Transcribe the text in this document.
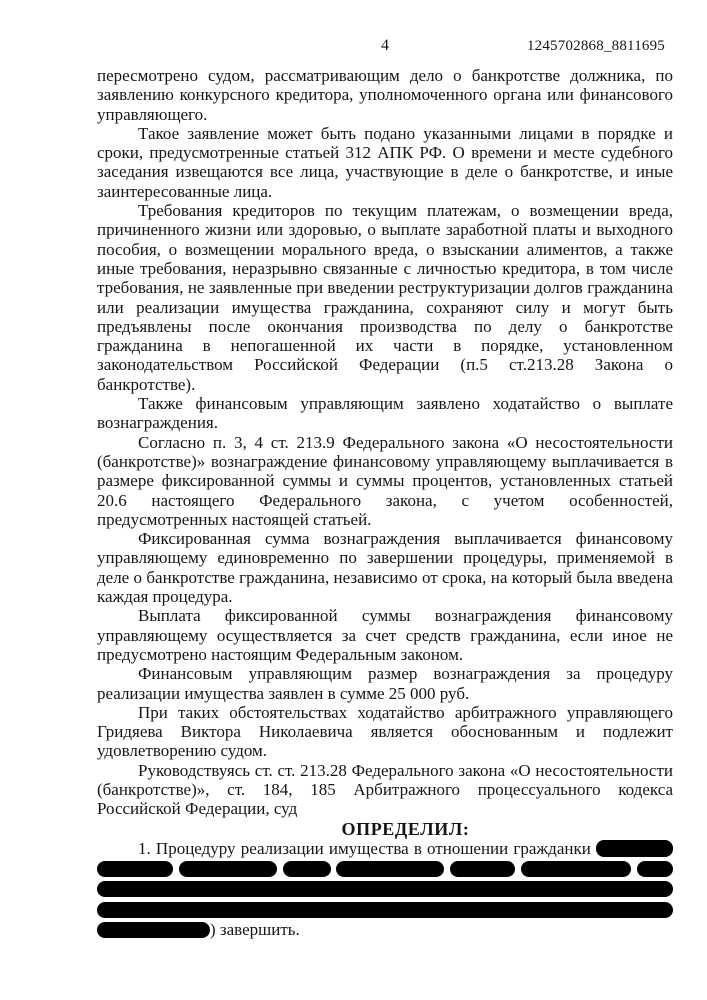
4	1245702868_8811695

пересмотрено судом, рассматривающим дело о банкротстве должника, по заявлению конкурсного кредитора, уполномоченного органа или финансового управляющего.

Такое заявление может быть подано указанными лицами в порядке и сроки, предусмотренные статьей 312 АПК РФ. О времени и месте судебного заседания извещаются все лица, участвующие в деле о банкротстве, и иные заинтересованные лица.

Требования кредиторов по текущим платежам, о возмещении вреда, причиненного жизни или здоровью, о выплате заработной платы и выходного пособия, о возмещении морального вреда, о взыскании алиментов, а также иные требования, неразрывно связанные с личностью кредитора, в том числе требования, не заявленные при введении реструктуризации долгов гражданина или реализации имущества гражданина, сохраняют силу и могут быть предъявлены после окончания производства по делу о банкротстве гражданина в непогашенной их части в порядке, установленном законодательством Российской Федерации (п.5 ст.213.28 Закона о банкротстве).

Также финансовым управляющим заявлено ходатайство о выплате вознаграждения.

Согласно п. 3, 4 ст. 213.9 Федерального закона «О несостоятельности (банкротстве)» вознаграждение финансовому управляющему выплачивается в размере фиксированной суммы и суммы процентов, установленных статьей 20.6 настоящего Федерального закона, с учетом особенностей, предусмотренных настоящей статьей.

Фиксированная сумма вознаграждения выплачивается финансовому управляющему единовременно по завершении процедуры, применяемой в деле о банкротстве гражданина, независимо от срока, на который была введена каждая процедура.

Выплата фиксированной суммы вознаграждения финансовому управляющему осуществляется за счет средств гражданина, если иное не предусмотрено настоящим Федеральным законом.

Финансовым управляющим размер вознаграждения за процедуру реализации имущества заявлен в сумме 25 000 руб.

При таких обстоятельствах ходатайство арбитражного управляющего Гридяева Виктора Николаевича является обоснованным и подлежит удовлетворению судом.

Руководствуясь ст. ст. 213.28 Федерального закона «О несостоятельности (банкротстве)», ст. 184, 185 Арбитражного процессуального кодекса Российской Федерации, суд

ОПРЕДЕЛИЛ:

1. Процедуру реализации имущества в отношении гражданки
) завершить.
